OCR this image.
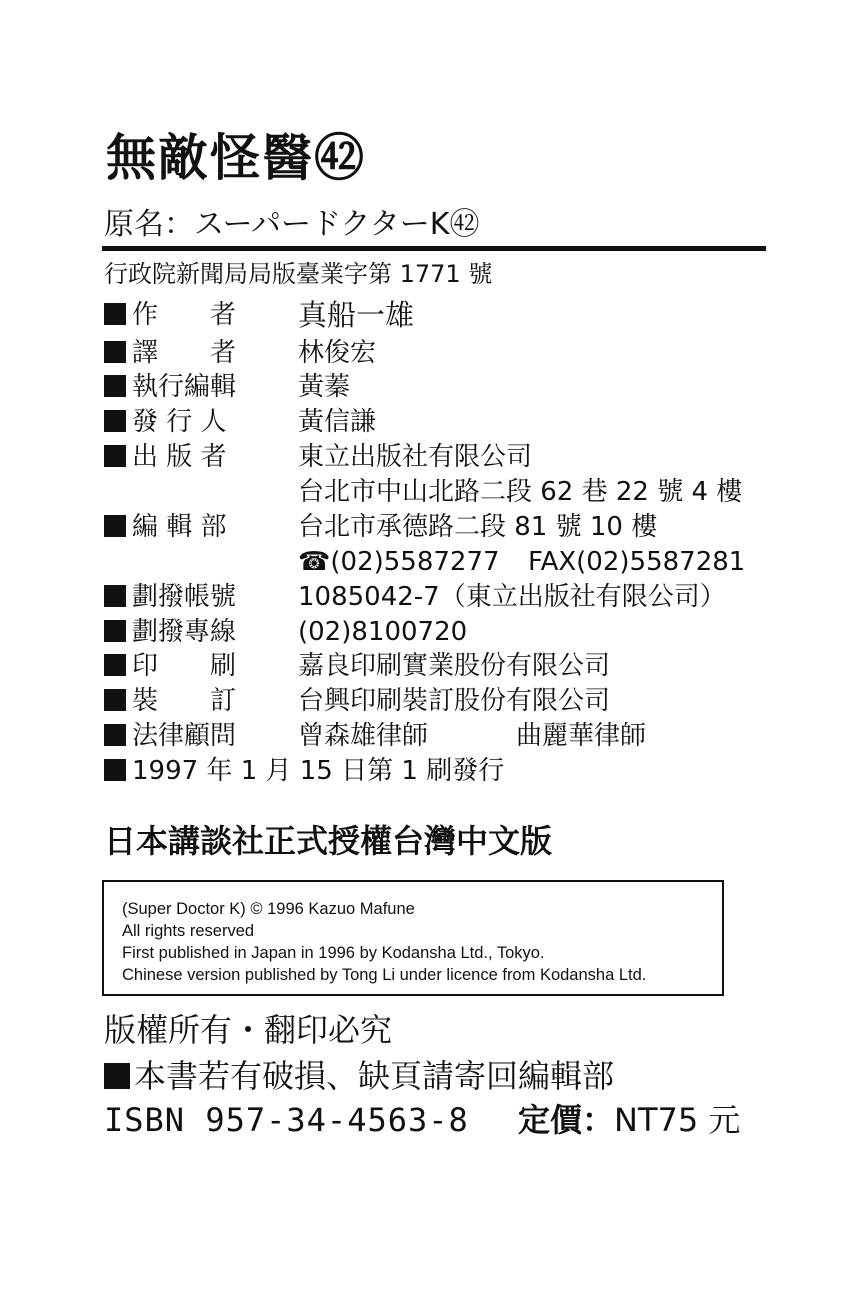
無敵怪醫㊷
原名：スーパードクターK㊷
行政院新聞局局版臺業字第 1771 號
作　　者 真船一雄
譯　　者 林俊宏
執行編輯 黃蓁
發 行 人	黃信謙
出 版 者	東立出版社有限公司
台北市中山北路二段 62 巷 22 號 4 樓
編 輯 部	台北市承德路二段 81 號 10 樓
☎(02)5587277 FAX(02)5587281
劃撥帳號 1085042-7（東立出版社有限公司）
劃撥專線 (02)8100720
印　　刷 嘉良印刷實業股份有限公司
裝　　訂 台興印刷裝訂股份有限公司
法律顧問 曾森雄律師	曲麗華律師
1997 年 1 月 15 日第 1 刷發行
日本講談社正式授權台灣中文版
(Super Doctor K) © 1996 Kazuo Mafune
All rights reserved
First published in Japan in 1996 by Kodansha Ltd., Tokyo.
Chinese version published by Tong Li under licence from Kodansha Ltd.
版權所有・翻印必究
本書若有破損、缺頁請寄回編輯部
ISBN 957-34-4563-8 定價：NT75 元
